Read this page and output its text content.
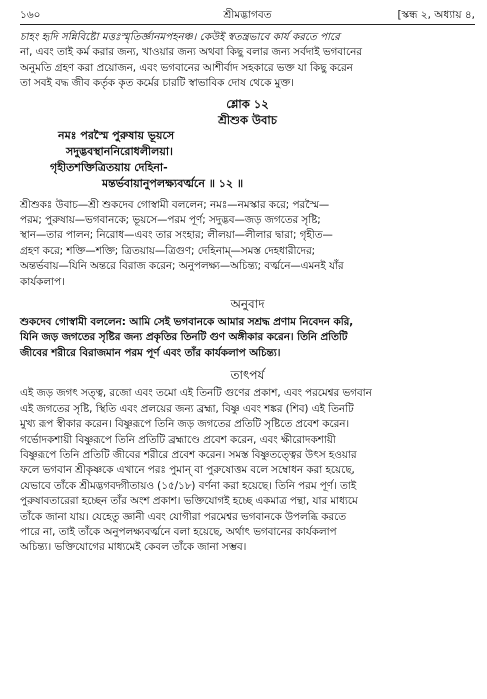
১৬০	শ্রীমদ্ভাগবত	[স্কন্ধ ২, অধ্যায় ৪,

চাহং হৃদি সন্নিবিষ্টো মত্তঃস্মৃতির্জ্ঞানমপহনঞ্চ। কেউই স্বতন্ত্রভাবে কার্য করতে পারে

না, এবং তাই কর্ম করার জন্য, খাওয়ার জন্য অথবা কিছু বলার জন্য সর্বদাই ভগবানের

অনুমতি গ্রহণ করা প্রয়োজন, এবং ভগবানের আশীর্বাদ সহকারে ভক্ত যা কিছু করেন

তা সবই বদ্ধ জীব কর্তৃক কৃত কর্মের চারটি স্বাভাবিক দোষ থেকে মুক্ত।

শ্লোক ১২
শ্রীশুক উবাচ
নমঃ পরস্মৈ পুরুষায় ভূয়সে
সদুদ্ভবস্থাননিরোধলীলয়া।
গৃহীতশক্তিত্রিতয়ায় দেহিনা-
মন্তর্ভবায়ানুপলক্ষ্যবর্ত্মনে ॥ ১২ ॥

শ্রীশুকঃ উবাচ—শ্রী শুকদেব গোস্বামী বললেন; নমঃ—নমস্কার করে; পরস্মৈ—

পরম; পুরুষায়—ভগবানকে; ভূয়সে—পরম পূর্ণ; সদুদ্ভব—জড় জগতের সৃষ্টি;

স্থান—তার পালন; নিরোধ—এবং তার সংহার; লীলয়া—লীলার দ্বারা; গৃহীত—

গ্রহণ করে; শক্তি—শক্তি; ত্রিতয়ায়—ত্রিগুণ; দেহিনাম্—সমস্ত দেহধারীদের;

অন্তর্ভবায়—যিনি অন্তরে বিরাজ করেন; অনুপলক্ষ্য—অচিন্ত্য; বর্ত্মনে—এমনই যাঁর

কার্যকলাপ।

অনুবাদ

শুকদেব গোস্বামী বললেন: আমি সেই ভগবানকে আমার সশ্রদ্ধ প্রণাম নিবেদন করি,

যিনি জড় জগতের সৃষ্টির জন্য প্রকৃতির তিনটি গুণ অঙ্গীকার করেন। তিনি প্রতিটি

জীবের শরীরে বিরাজমান পরম পূর্ণ এবং তাঁর কার্যকলাপ অচিন্ত্য।

তাৎপর্য

এই জড় জগৎ সত্ত্ব, রজো এবং তমো এই তিনটি গুণের প্রকাশ, এবং পরমেশ্বর ভগবান

এই জগতের সৃষ্টি, স্থিতি এবং প্রলয়ের জন্য ব্রহ্মা, বিষ্ণু এবং শঙ্কর (শিব) এই তিনটি

মুখ্য রূপ স্বীকার করেন। বিষ্ণুরূপে তিনি জড় জগতের প্রতিটি সৃষ্টিতে প্রবেশ করেন।

গর্ভোদকশায়ী বিষ্ণুরূপে তিনি প্রতিটি ব্রহ্মাণ্ডে প্রবেশ করেন, এবং ক্ষীরোদকশায়ী

বিষ্ণুরূপে তিনি প্রতিটি জীবের শরীরে প্রবেশ করেন। সমস্ত বিষ্ণুতত্ত্বের উৎস হওয়ার

ফলে ভগবান শ্রীকৃষ্ণকে এখানে পরঃ পুমান্ বা পুরুষোত্তম বলে সম্বোধন করা হয়েছে,

যেভাবে তাঁকে শ্রীমদ্ভগবদ্গীতায়ও (১৫/১৮) বর্ণনা করা হয়েছে। তিনি পরম পূর্ণ। তাই

পুরুষাবতারেরা হচ্ছেন তাঁর অংশ প্রকাশ। ভক্তিযোগই হচ্ছে একমাত্র পন্থা, যার মাধ্যমে

তাঁকে জানা যায়। যেহেতু জ্ঞানী এবং যোগীরা পরমেশ্বর ভগবানকে উপলব্ধি করতে

পারে না, তাই তাঁকে অনুপলক্ষ্যবর্ত্মনে বলা হয়েছে, অর্থাৎ ভগবানের কার্যকলাপ

অচিন্ত্য। ভক্তিযোগের মাধ্যমেই কেবল তাঁকে জানা সম্ভব।
